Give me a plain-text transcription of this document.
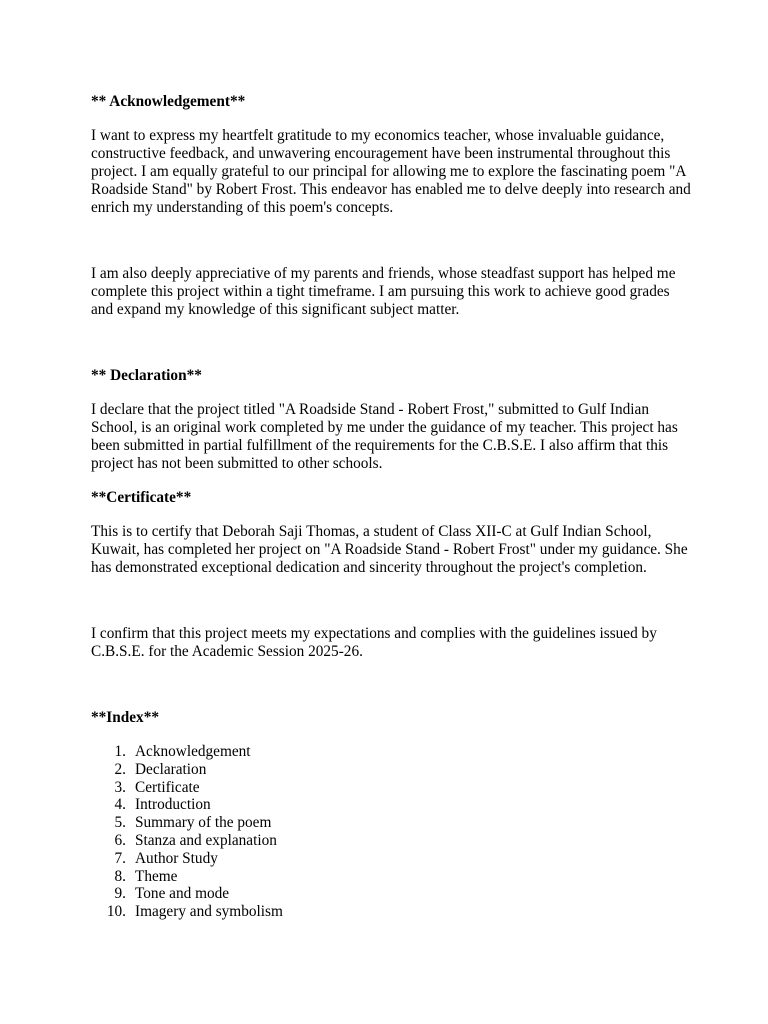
** Acknowledgement**

I want to express my heartfelt gratitude to my economics teacher, whose invaluable guidance, constructive feedback, and unwavering encouragement have been instrumental throughout this project. I am equally grateful to our principal for allowing me to explore the fascinating poem "A Roadside Stand" by Robert Frost. This endeavor has enabled me to delve deeply into research and enrich my understanding of this poem's concepts.

I am also deeply appreciative of my parents and friends, whose steadfast support has helped me complete this project within a tight timeframe. I am pursuing this work to achieve good grades and expand my knowledge of this significant subject matter.

** Declaration**

I declare that the project titled "A Roadside Stand - Robert Frost," submitted to Gulf Indian School, is an original work completed by me under the guidance of my teacher. This project has been submitted in partial fulfillment of the requirements for the C.B.S.E. I also affirm that this project has not been submitted to other schools.

**Certificate**

This is to certify that Deborah Saji Thomas, a student of Class XII-C at Gulf Indian School, Kuwait, has completed her project on "A Roadside Stand - Robert Frost" under my guidance. She has demonstrated exceptional dedication and sincerity throughout the project's completion.

I confirm that this project meets my expectations and complies with the guidelines issued by C.B.S.E. for the Academic Session 2025-26.

**Index**

1. Acknowledgement
2. Declaration
3. Certificate
4. Introduction
5. Summary of the poem
6. Stanza and explanation
7. Author Study
8. Theme
9. Tone and mode
10. Imagery and symbolism
